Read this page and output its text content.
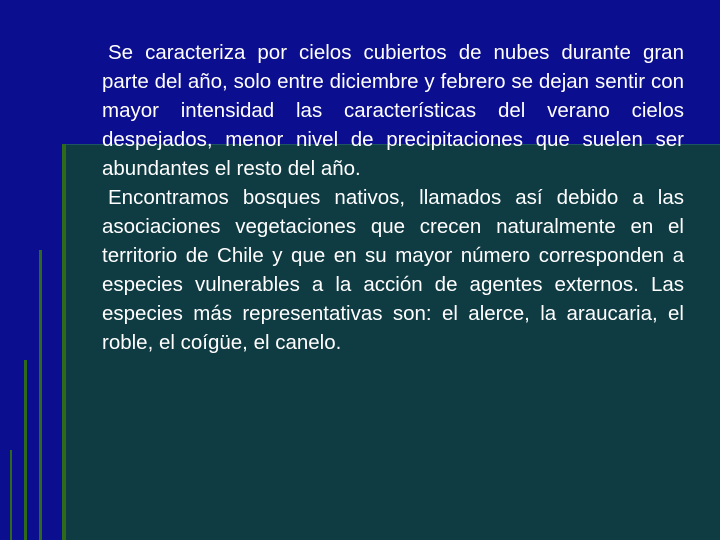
Se caracteriza por cielos cubiertos de nubes durante gran parte del año, solo entre diciembre y febrero se dejan sentir con mayor intensidad las características del verano cielos despejados, menor nivel de precipitaciones que suelen ser abundantes el resto del año.

Encontramos bosques nativos, llamados así debido a las asociaciones vegetaciones que crecen naturalmente en el territorio de Chile y que en su mayor número corresponden a especies vulnerables a la acción de agentes externos. Las especies más representativas son: el alerce, la araucaria, el roble, el coígüe, el canelo.
